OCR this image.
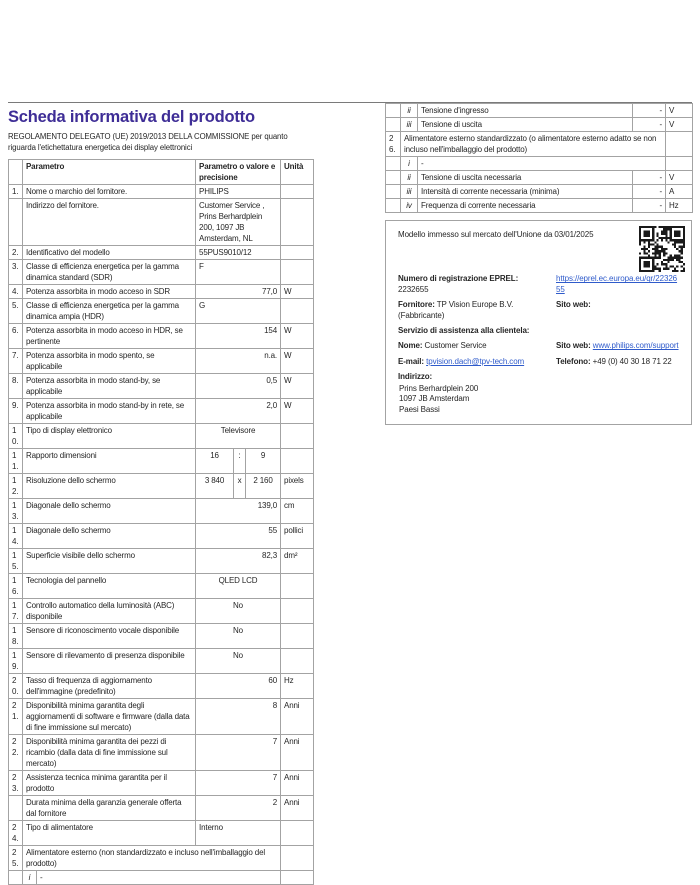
Scheda informativa del prodotto

REGOLAMENTO DELEGATO (UE) 2019/2013 DELLA COMMISSIONE per quanto riguarda l'etichettatura energetica dei display elettronici

	Parametro		Parametro o valore e precisione			Unità
1.	Nome o marchio del fornitore.		PHILIPS			
	Indirizzo del fornitore.		Customer Service , Prins Berhardplein 200, 1097 JB Amsterdam, NL			
2.	Identificativo del modello		55PUS9010/12			
3.	Classe di efficienza energetica per la gamma dinamica standard (SDR)		F			
4.	Potenza assorbita in modo acceso in SDR		77,0			W
5.	Classe di efficienza energetica per la gamma dinamica ampia (HDR)		G			
6.	Potenza assorbita in modo acceso in HDR, se pertinente		154			W
7.	Potenza assorbita in modo spento, se applicabile		n.a.			W
8.	Potenza assorbita in modo stand-by, se applicabile		0,5			W
9.	Potenza assorbita in modo stand-by in rete, se applicabile		2,0			W
10.	Tipo di display elettronico		Televisore			
11.	Rapporto dimensioni		16	:	9	
12.	Risoluzione dello schermo		3 840	x	2 160	pixels
13.	Diagonale dello schermo		139,0			cm
14.	Diagonale dello schermo		55			pollici
15.	Superficie visibile dello schermo		82,3			dm²
16.	Tecnologia del pannello		QLED LCD			
17.	Controllo automatico della luminosità (ABC) disponibile		No			
18.	Sensore di riconoscimento vocale disponibile		No			
19.	Sensore di rilevamento di presenza disponibile		No			
20.	Tasso di frequenza di aggiornamento dell'immagine (predefinito)		60			Hz
21.	Disponibilità minima garantita degli aggiornamenti di software e firmware (dalla data di fine immissione sul mercato)		8			Anni
22.	Disponibilità minima garantita dei pezzi di ricambio (dalla data di fine immissione sul mercato)		7			Anni
23.	Assistenza tecnica minima garantita per il prodotto		7			Anni
	Durata minima della garanzia generale offerta dal fornitore		2			Anni
24.	Tipo di alimentatore		Interno			
25.	Alimentatore esterno (non standardizzato e incluso nell'imballaggio del prodotto)					
	i	-				
	ii	Tensione d'ingresso	-	V
	iii	Tensione di uscita	-	V
26.	Alimentatore esterno standardizzato (o alimentatore esterno adatto se non incluso nell'imballaggio del prodotto)			
	i	-		
	ii	Tensione di uscita necessaria	-	V
	iii	Intensità di corrente necessaria (minima)	-	A
	iv	Frequenza di corrente necessaria	-	Hz
Modello immesso sul mercato dell'Unione da 03/01/2025
Numero di registrazione EPREL: 2232655
https://eprel.ec.europa.eu/qr/2232655
Fornitore: TP Vision Europe B.V. (Fabbricante)
Sito web:
Servizio di assistenza alla clientela:
Nome: Customer Service	Sito web: www.philips.com/support
E-mail: tpvision.dach@tpv-tech.com	Telefono: +49 (0) 40 30 18 71 22
Indirizzo:
Prins Berhardplein 200
1097 JB Amsterdam
Paesi Bassi
